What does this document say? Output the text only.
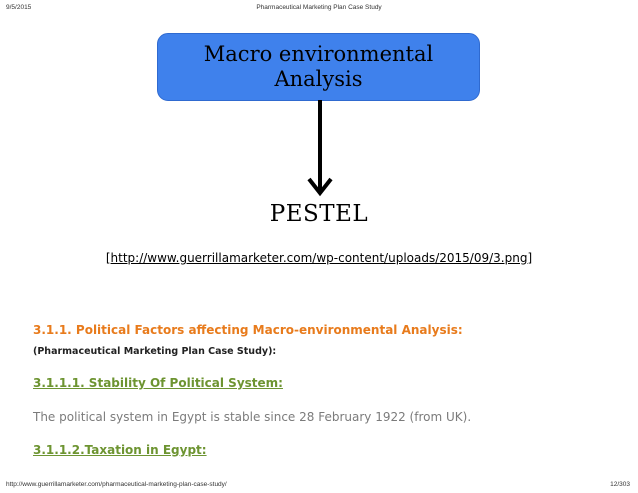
9/5/2015	Pharmaceutical Marketing Plan Case Study
Macro environmental
Analysis
PESTEL
[http://www.guerrillamarketer.com/wp-content/uploads/2015/09/3.png]
3.1.1. Political Factors affecting Macro-environmental Analysis:
(Pharmaceutical Marketing Plan Case Study):
3.1.1.1. Stability Of Political System:
The political system in Egypt is stable since 28 February 1922 (from UK).
3.1.1.2.Taxation in Egypt:
http://www.guerrillamarketer.com/pharmaceutical-marketing-plan-case-study/	12/303
